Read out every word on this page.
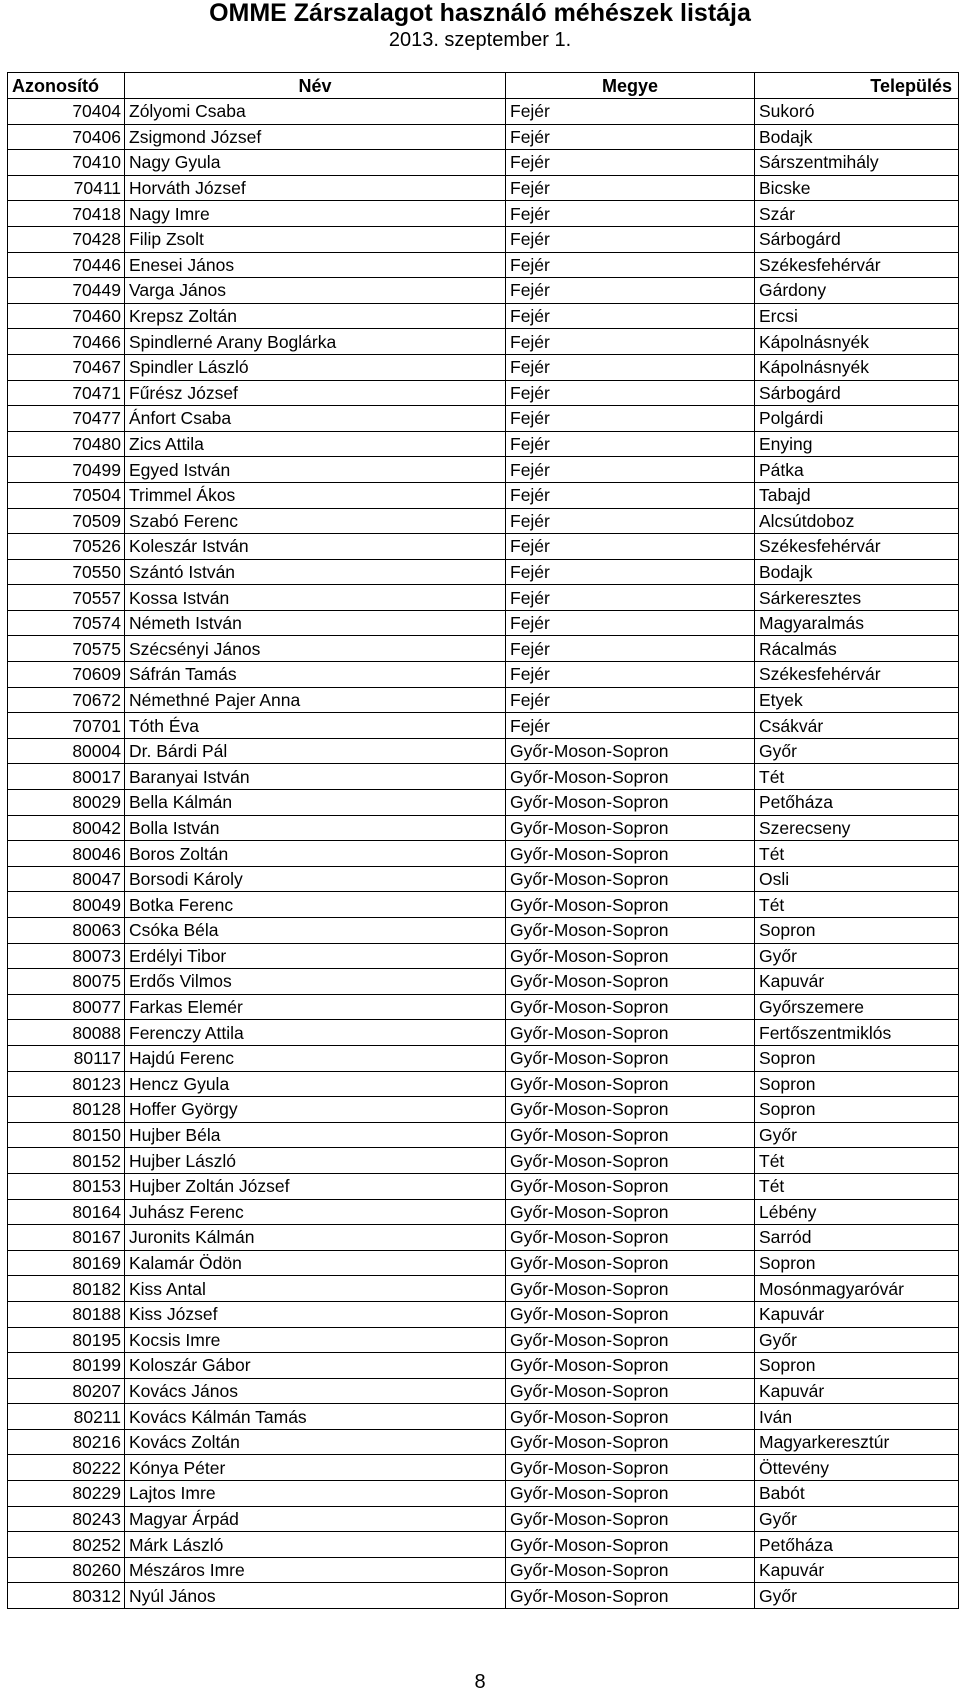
OMME Zárszalagot használó méhészek listája
2013. szeptember 1.
Azonosító	Név	Megye	Település
70404	Zólyomi Csaba	Fejér	Sukoró
70406	Zsigmond József	Fejér	Bodajk
70410	Nagy Gyula	Fejér	Sárszentmihály
70411	Horváth József	Fejér	Bicske
70418	Nagy Imre	Fejér	Szár
70428	Filip Zsolt	Fejér	Sárbogárd
70446	Enesei János	Fejér	Székesfehérvár
70449	Varga János	Fejér	Gárdony
70460	Krepsz Zoltán	Fejér	Ercsi
70466	Spindlerné Arany Boglárka	Fejér	Kápolnásnyék
70467	Spindler László	Fejér	Kápolnásnyék
70471	Fűrész József	Fejér	Sárbogárd
70477	Ánfort Csaba	Fejér	Polgárdi
70480	Zics Attila	Fejér	Enying
70499	Egyed István	Fejér	Pátka
70504	Trimmel Ákos	Fejér	Tabajd
70509	Szabó Ferenc	Fejér	Alcsútdoboz
70526	Koleszár István	Fejér	Székesfehérvár
70550	Szántó István	Fejér	Bodajk
70557	Kossa István	Fejér	Sárkeresztes
70574	Németh István	Fejér	Magyaralmás
70575	Szécsényi János	Fejér	Rácalmás
70609	Sáfrán Tamás	Fejér	Székesfehérvár
70672	Némethné Pajer Anna	Fejér	Etyek
70701	Tóth Éva	Fejér	Csákvár
80004	Dr. Bárdi Pál	Győr-Moson-Sopron	Győr
80017	Baranyai István	Győr-Moson-Sopron	Tét
80029	Bella Kálmán	Győr-Moson-Sopron	Petőháza
80042	Bolla István	Győr-Moson-Sopron	Szerecseny
80046	Boros Zoltán	Győr-Moson-Sopron	Tét
80047	Borsodi Károly	Győr-Moson-Sopron	Osli
80049	Botka Ferenc	Győr-Moson-Sopron	Tét
80063	Csóka Béla	Győr-Moson-Sopron	Sopron
80073	Erdélyi Tibor	Győr-Moson-Sopron	Győr
80075	Erdős Vilmos	Győr-Moson-Sopron	Kapuvár
80077	Farkas Elemér	Győr-Moson-Sopron	Győrszemere
80088	Ferenczy Attila	Győr-Moson-Sopron	Fertőszentmiklós
80117	Hajdú Ferenc	Győr-Moson-Sopron	Sopron
80123	Hencz Gyula	Győr-Moson-Sopron	Sopron
80128	Hoffer György	Győr-Moson-Sopron	Sopron
80150	Hujber Béla	Győr-Moson-Sopron	Győr
80152	Hujber László	Győr-Moson-Sopron	Tét
80153	Hujber Zoltán József	Győr-Moson-Sopron	Tét
80164	Juhász Ferenc	Győr-Moson-Sopron	Lébény
80167	Juronits Kálmán	Győr-Moson-Sopron	Sarród
80169	Kalamár Ödön	Győr-Moson-Sopron	Sopron
80182	Kiss Antal	Győr-Moson-Sopron	Mosónmagyaróvár
80188	Kiss József	Győr-Moson-Sopron	Kapuvár
80195	Kocsis Imre	Győr-Moson-Sopron	Győr
80199	Koloszár Gábor	Győr-Moson-Sopron	Sopron
80207	Kovács János	Győr-Moson-Sopron	Kapuvár
80211	Kovács Kálmán Tamás	Győr-Moson-Sopron	Iván
80216	Kovács Zoltán	Győr-Moson-Sopron	Magyarkeresztúr
80222	Kónya Péter	Győr-Moson-Sopron	Öttevény
80229	Lajtos Imre	Győr-Moson-Sopron	Babót
80243	Magyar Árpád	Győr-Moson-Sopron	Győr
80252	Márk László	Győr-Moson-Sopron	Petőháza
80260	Mészáros Imre	Győr-Moson-Sopron	Kapuvár
80312	Nyúl János	Győr-Moson-Sopron	Győr
8
